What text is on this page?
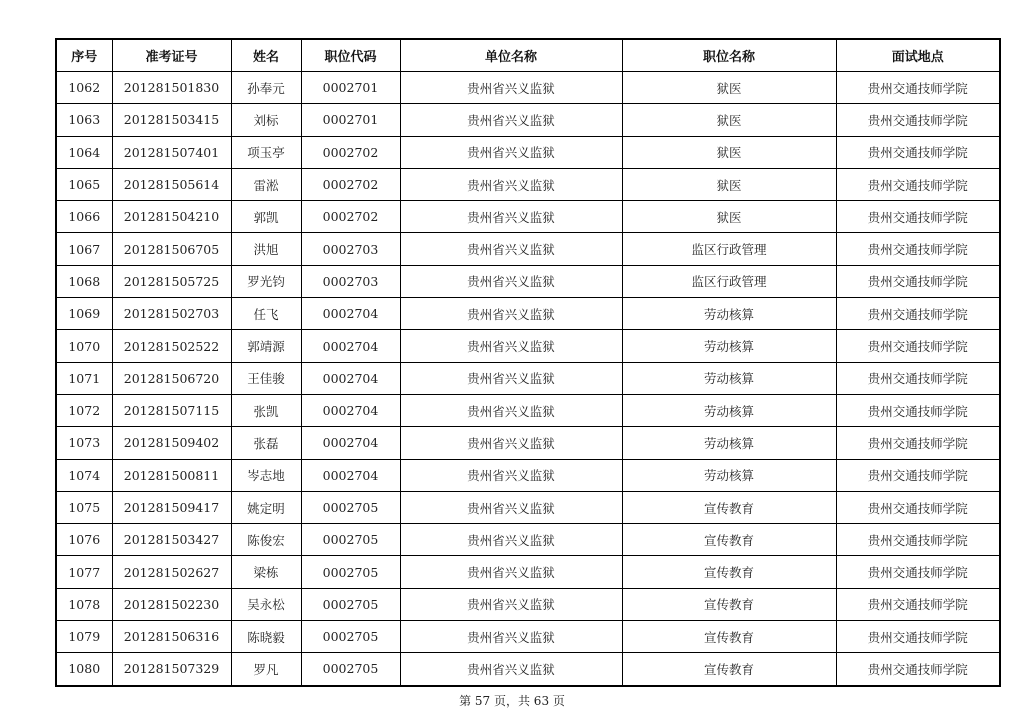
序号	准考证号	姓名	职位代码	单位名称	职位名称	面试地点
1062	201281501830	孙奉元	0002701	贵州省兴义监狱	狱医	贵州交通技师学院
1063	201281503415	刘标	0002701	贵州省兴义监狱	狱医	贵州交通技师学院
1064	201281507401	项玉亭	0002702	贵州省兴义监狱	狱医	贵州交通技师学院
1065	201281505614	雷淞	0002702	贵州省兴义监狱	狱医	贵州交通技师学院
1066	201281504210	郭凯	0002702	贵州省兴义监狱	狱医	贵州交通技师学院
1067	201281506705	洪旭	0002703	贵州省兴义监狱	监区行政管理	贵州交通技师学院
1068	201281505725	罗光钧	0002703	贵州省兴义监狱	监区行政管理	贵州交通技师学院
1069	201281502703	任飞	0002704	贵州省兴义监狱	劳动核算	贵州交通技师学院
1070	201281502522	郭靖源	0002704	贵州省兴义监狱	劳动核算	贵州交通技师学院
1071	201281506720	王佳骏	0002704	贵州省兴义监狱	劳动核算	贵州交通技师学院
1072	201281507115	张凯	0002704	贵州省兴义监狱	劳动核算	贵州交通技师学院
1073	201281509402	张磊	0002704	贵州省兴义监狱	劳动核算	贵州交通技师学院
1074	201281500811	岑志地	0002704	贵州省兴义监狱	劳动核算	贵州交通技师学院
1075	201281509417	姚定明	0002705	贵州省兴义监狱	宣传教育	贵州交通技师学院
1076	201281503427	陈俊宏	0002705	贵州省兴义监狱	宣传教育	贵州交通技师学院
1077	201281502627	梁栋	0002705	贵州省兴义监狱	宣传教育	贵州交通技师学院
1078	201281502230	吴永松	0002705	贵州省兴义监狱	宣传教育	贵州交通技师学院
1079	201281506316	陈晓毅	0002705	贵州省兴义监狱	宣传教育	贵州交通技师学院
1080	201281507329	罗凡	0002705	贵州省兴义监狱	宣传教育	贵州交通技师学院
第 57 页，共 63 页
